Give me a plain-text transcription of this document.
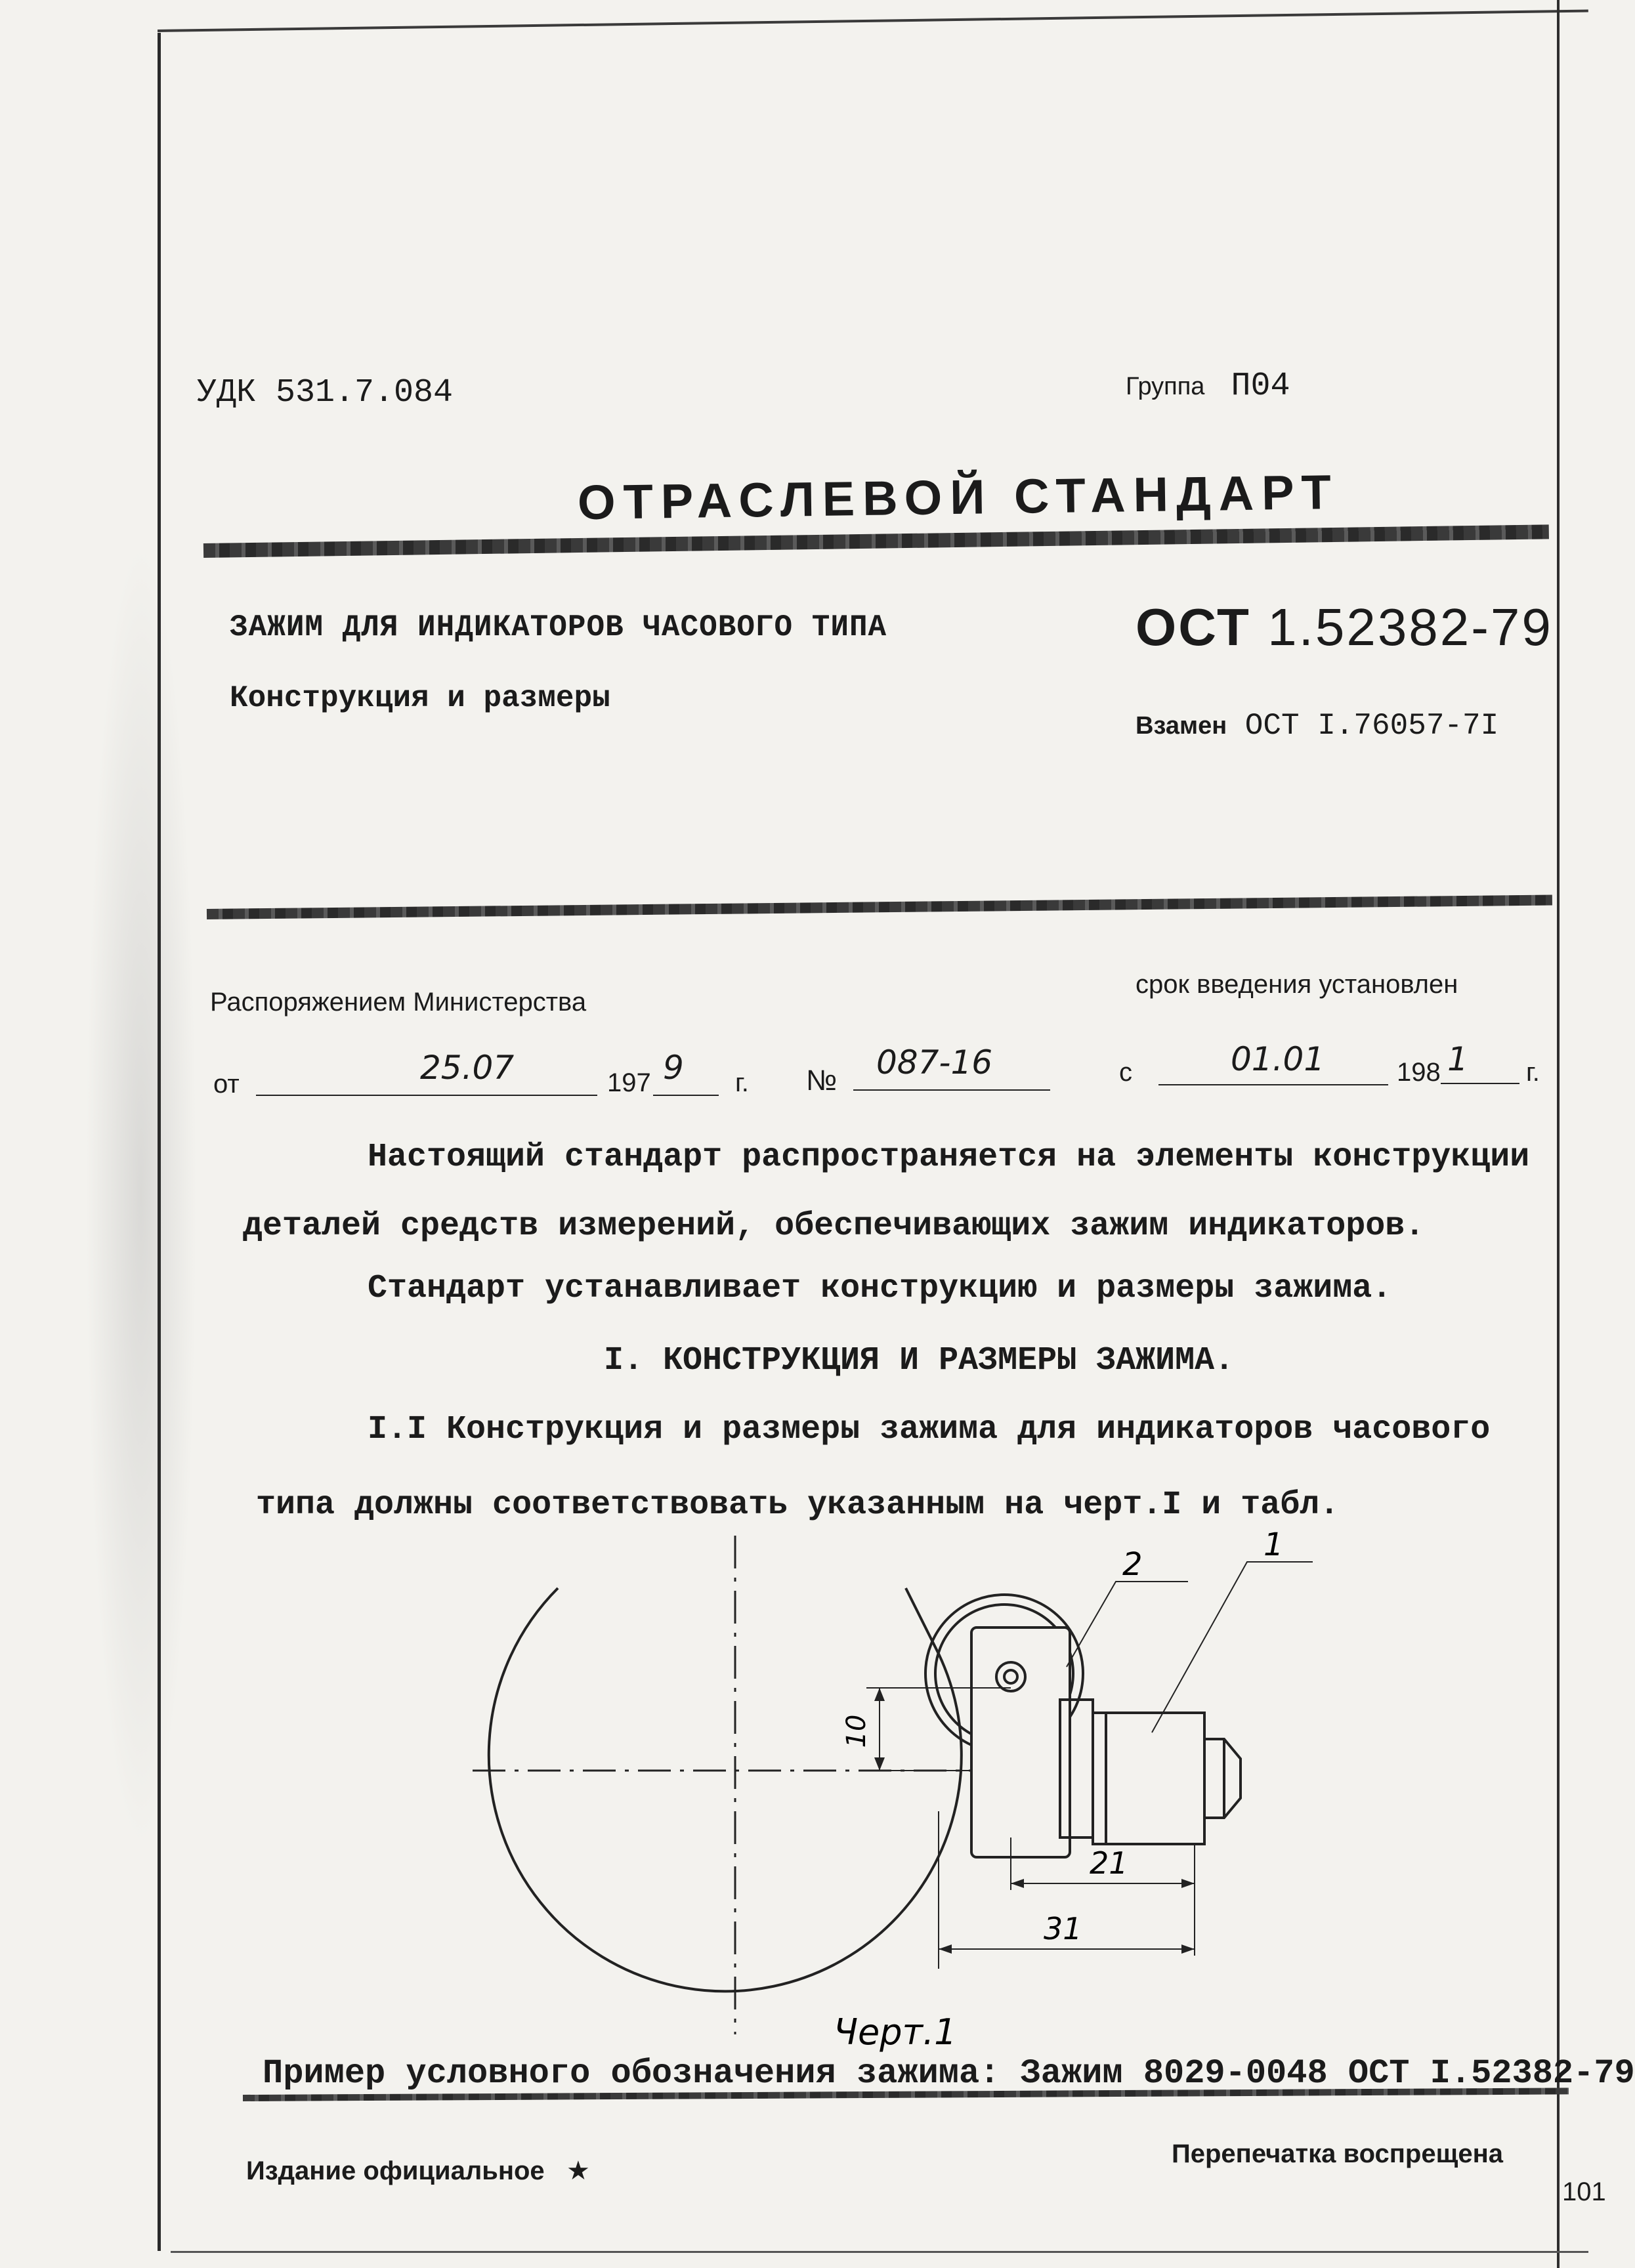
УДК 531.7.084	Группа П04
ОТРАСЛЕВОЙ СТАНДАРТ
ЗАЖИМ ДЛЯ ИНДИКАТОРОВ ЧАСОВОГО ТИПА
Конструкция и размеры
ОСТ 1.52382-79
Взамен ОСТ I.76057-7I
Распоряжением Министерства
срок введения установлен
от	25.07	197 9 г. № 087-16	с	01.01	198 1 г.
Настоящий стандарт распространяется на элементы конструкции
деталей средств измерений, обеспечивающих зажим индикаторов.
Стандарт устанавливает конструкцию и размеры зажима.
I. КОНСТРУКЦИЯ И РАЗМЕРЫ ЗАЖИМА.
I.I Конструкция и размеры зажима для индикаторов часового
типа должны соответствовать указанным на черт.I и табл.
10
21
31
2
1
Черт.1
Пример условного обозначения зажима: Зажим 8029-0048 ОСТ I.52382-79
Издание официальное ★
Перепечатка воспрещена
101
